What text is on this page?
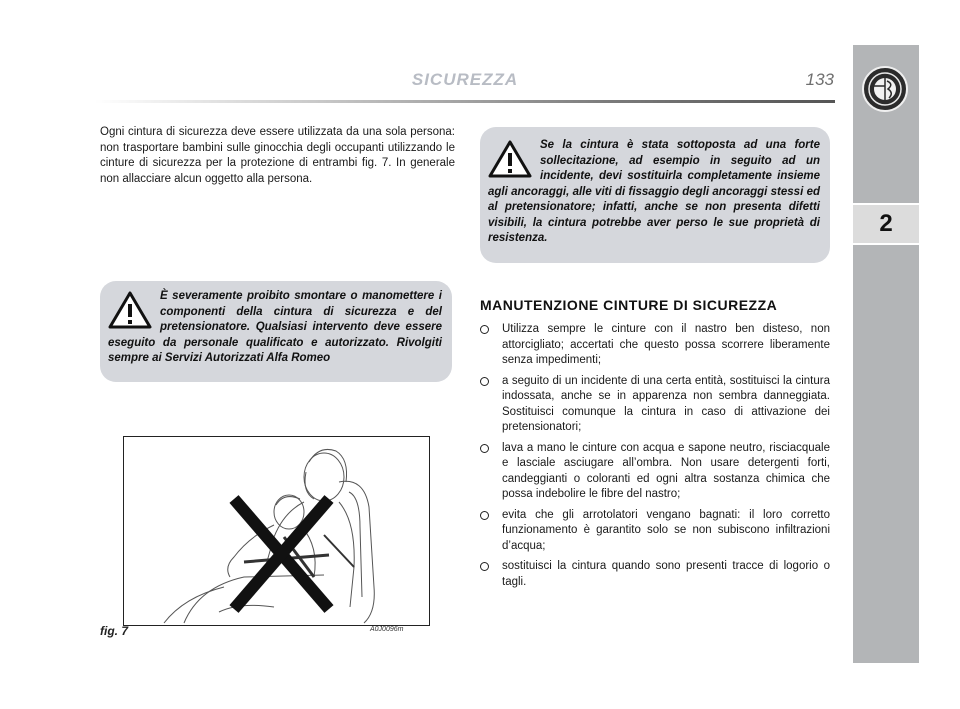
SICUREZZA	133
2
Ogni cintura di sicurezza deve essere utilizzata da una sola persona: non trasportare bambini sulle ginocchia degli occupanti utilizzando le cinture di sicurezza per la protezione di entrambi fig. 7. In generale non allacciare alcun oggetto alla persona.
Se la cintura è stata sottoposta ad una forte sollecitazione, ad esempio in seguito ad un incidente, devi sostituirla completamente insieme agli ancoraggi, alle viti di fissaggio degli ancoraggi stessi ed al pretensionatore; infatti, anche se non presenta difetti visibili, la cintura potrebbe aver perso le sue proprietà di resistenza.
È severamente proibito smontare o manomettere i componenti della cintura di sicurezza e del pretensionatore. Qualsiasi intervento deve essere eseguito da personale qualificato e autorizzato. Rivolgiti sempre ai Servizi Autorizzati Alfa Romeo
MANUTENZIONE CINTURE DI SICUREZZA
Utilizza sempre le cinture con il nastro ben disteso, non attorcigliato; accertati che questo possa scorrere liberamente senza impedimenti;
a seguito di un incidente di una certa entità, sostituisci la cintura indossata, anche se in apparenza non sembra danneggiata. Sostituisci comunque la cintura in caso di attivazione dei pretensionatori;
lava a mano le cinture con acqua e sapone neutro, risciacquale e lasciale asciugare all’ombra. Non usare detergenti forti, candeggianti o coloranti ed ogni altra sostanza chimica che possa indebolire le fibre del nastro;
evita che gli arrotolatori vengano bagnati: il loro corretto funzionamento è garantito solo se non subiscono infiltrazioni d’acqua;
sostituisci la cintura quando sono presenti tracce di logorio o tagli.
fig. 7	A0J0096m
